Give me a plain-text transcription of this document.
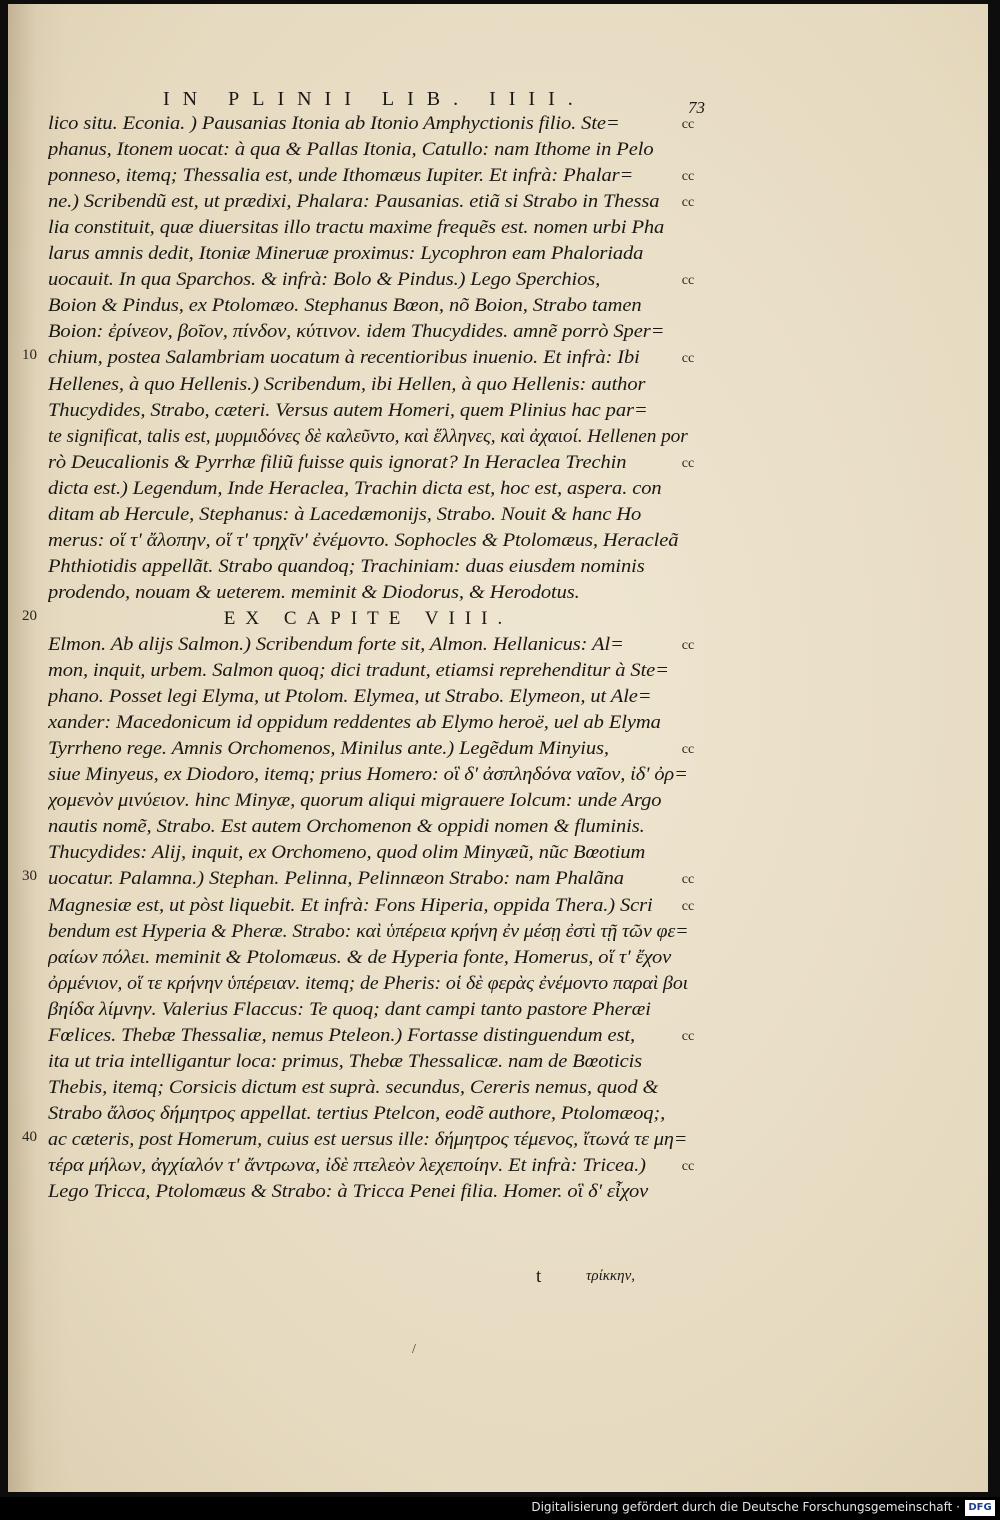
IN PLINII LIB. IIII.	73
lico situ. Econia. ) Pausanias Itonia ab Itonio Amphyctionis filio. Ste=
phanus, Itonem uocat: à qua & Pallas Itonia, Catullo: nam Ithome in Pelo
ponneso, itemq; Thessalia est, unde Ithomæus Iupiter. Et infrà: Phalar=
ne.) Scribendũ est, ut prædixi, Phalara: Pausanias. etiã si Strabo in Thessa
lia constituit, quæ diuersitas illo tractu maxime frequẽs est. nomen urbi Pha
larus amnis dedit, Itoniæ Mineruæ proximus: Lycophron eam Phaloriada
uocauit. In qua Sparchos. & infrà: Bolo & Pindus.) Lego Sperchios,
Boion & Pindus, ex Ptolomæo. Stephanus Bœon, nõ Boion, Strabo tamen
Boion: ἐρίνεον, βοῖον, πίνδον, κύτινον. idem Thucydides. amnẽ porrò Sper=
chium, postea Salambriam uocatum à recentioribus inuenio. Et infrà: Ibi
Hellenes, à quo Hellenis.) Scribendum, ibi Hellen, à quo Hellenis: author
Thucydides, Strabo, cæteri. Versus autem Homeri, quem Plinius hac par=
te significat, talis est, μυρμιδόνες δὲ καλεῦντο, καὶ ἕλληνες, καὶ ἀχαιοί. Hellenen por
rò Deucalionis & Pyrrhæ filiũ fuisse quis ignorat? In Heraclea Trechin
dicta est.) Legendum, Inde Heraclea, Trachin dicta est, hoc est, aspera. con
ditam ab Hercule, Stephanus: à Lacedæmonijs, Strabo. Nouit & hanc Ho
merus: οἵ τ' ἄλοπην, οἵ τ' τρηχῖν' ἐνέμοντο. Sophocles & Ptolomæus, Heracleã
Phthiotidis appellãt. Strabo quandoq; Trachiniam: duas eiusdem nominis
prodendo, nouam & ueterem. meminit & Diodorus, & Herodotus.
EX CAPITE VIII.
Elmon. Ab alijs Salmon.) Scribendum forte sit, Almon. Hellanicus: Al=
mon, inquit, urbem. Salmon quoq; dici tradunt, etiamsi reprehenditur à Ste=
phano. Posset legi Elyma, ut Ptolom. Elymea, ut Strabo. Elymeon, ut Ale=
xander: Macedonicum id oppidum reddentes ab Elymo heroë, uel ab Elyma
Tyrrheno rege. Amnis Orchomenos, Minilus ante.) Legẽdum Minyius,
siue Minyeus, ex Diodoro, itemq; prius Homero: οἳ δ' ἀσπληδόνα ναῖον, ἰδ' ὀρ=
χομενὸν μινύειον. hinc Minyæ, quorum aliqui migrauere Iolcum: unde Argo
nautis nomẽ, Strabo. Est autem Orchomenon & oppidi nomen & fluminis.
Thucydides: Alij, inquit, ex Orchomeno, quod olim Minyæũ, nũc Bœotium
uocatur. Palamna.) Stephan. Pelinna, Pelinnæon Strabo: nam Phalãna
Magnesiæ est, ut pòst liquebit. Et infrà: Fons Hiperia, oppida Thera.) Scri
bendum est Hyperia & Pheræ. Strabo: καὶ ὑπέρεια κρήνη ἐν μέσῃ ἐστὶ τῇ τῶν φε=
ραίων πόλει. meminit & Ptolomæus. & de Hyperia fonte, Homerus, οἵ τ' ἔχον
ὀρμένιον, οἵ τε κρήνην ὑπέρειαν. itemq; de Pheris: οἱ δὲ φερὰς ἐνέμοντο παραὶ βοι
βηίδα λίμνην. Valerius Flaccus: Te quoq; dant campi tanto pastore Pheræi
Fœlices. Thebæ Thessaliæ, nemus Pteleon.) Fortasse distinguendum est,
ita ut tria intelligantur loca: primus, Thebæ Thessalicæ. nam de Bœoticis
Thebis, itemq; Corsicis dictum est suprà. secundus, Cereris nemus, quod &
Strabo ἄλσος δήμητρος appellat. tertius Ptelcon, eodẽ authore, Ptolomæoq;,
ac cæteris, post Homerum, cuius est uersus ille: δήμητρος τέμενος, ἴτωνά τε μη=
τέρα μήλων, ἀγχίαλόν τ' ἄντρωνα, ἰδὲ πτελεὸν λεχεποίην. Et infrà: Tricea.)
Lego Tricca, Ptolomæus & Strabo: à Tricca Penei filia. Homer. οἳ δ' εἶχον
cc
cc
cc
cc
cc
cc
cc
cc
cc
cc
cc
cc
10
20
30
40
t	τρίκκην,
/
Digitalisierung gefördert durch die Deutsche Forschungsgemeinschaft · DFG
